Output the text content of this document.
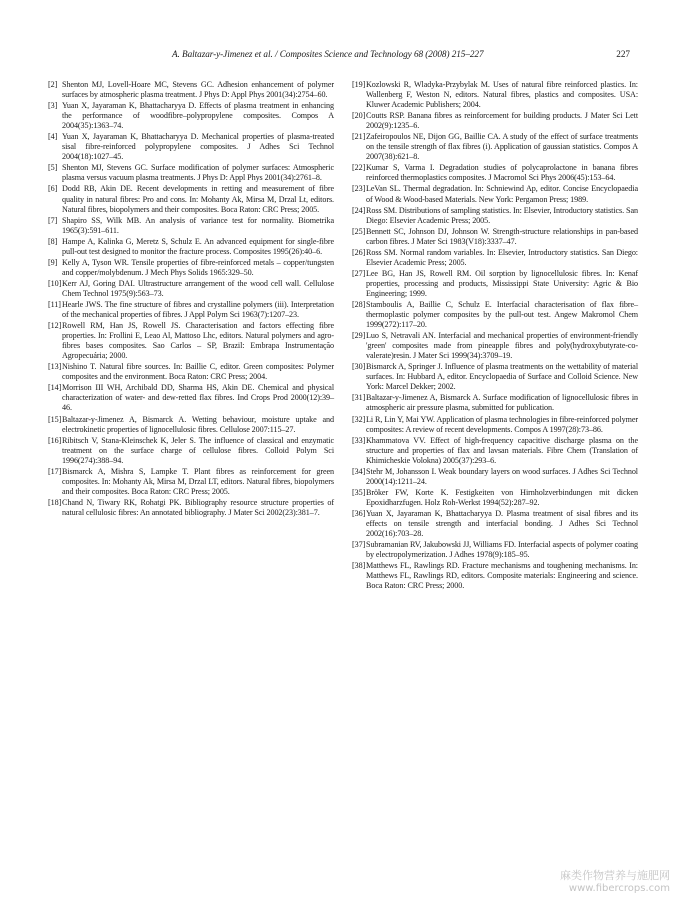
A. Baltazar-y-Jimenez et al. / Composites Science and Technology 68 (2008) 215–227	227
[2] Shenton MJ, Lovell-Hoare MC, Stevens GC. Adhesion enhancement of polymer surfaces by atmospheric plasma treatment. J Phys D: Appl Phys 2001(34):2754–60.
[3] Yuan X, Jayaraman K, Bhattacharyya D. Effects of plasma treatment in enhancing the performance of woodfibre–polypropylene composites. Compos A 2004(35):1363–74.
[4] Yuan X, Jayaraman K, Bhattacharyya D. Mechanical properties of plasma-treated sisal fibre-reinforced polypropylene composites. J Adhes Sci Technol 2004(18):1027–45.
[5] Shenton MJ, Stevens GC. Surface modification of polymer surfaces: Atmospheric plasma versus vacuum plasma treatments. J Phys D: Appl Phys 2001(34):2761–8.
[6] Dodd RB, Akin DE. Recent developments in retting and measurement of fibre quality in natural fibres: Pro and cons. In: Mohanty Ak, Mirsa M, Drzal Lt, editors. Natural fibres, biopolymers and their composites. Boca Raton: CRC Press; 2005.
[7] Shapiro SS, Wilk MB. An analysis of variance test for normality. Biometrika 1965(3):591–611.
[8] Hampe A, Kalinka G, Meretz S, Schulz E. An advanced equipment for single-fibre pull-out test designed to monitor the fracture process. Composites 1995(26):40–6.
[9] Kelly A, Tyson WR. Tensile properties of fibre-reinforced metals – copper/tungsten and copper/molybdenum. J Mech Phys Solids 1965:329–50.
[10] Kerr AJ, Goring DAI. Ultrastructure arrangement of the wood cell wall. Cellulose Chem Technol 1975(9):563–73.
[11] Hearle JWS. The fine structure of fibres and crystalline polymers (iii). Interpretation of the mechanical properties of fibres. J Appl Polym Sci 1963(7):1207–23.
[12] Rowell RM, Han JS, Rowell JS. Characterisation and factors effecting fibre properties. In: Frollini E, Leao Al, Mattoso Lhc, editors. Natural polymers and agro-fibres bases composites. Sao Carlos – SP, Brazil: Embrapa Instrumentação Agropecuária; 2000.
[13] Nishino T. Natural fibre sources. In: Baillie C, editor. Green composites: Polymer composites and the environment. Boca Raton: CRC Press; 2004.
[14] Morrison III WH, Archibald DD, Sharma HS, Akin DE. Chemical and physical characterization of water- and dew-retted flax fibres. Ind Crops Prod 2000(12):39–46.
[15] Baltazar-y-Jimenez A, Bismarck A. Wetting behaviour, moisture uptake and electrokinetic properties of lignocellulosic fibres. Cellulose 2007:115–27.
[16] Ribitsch V, Stana-Kleinschek K, Jeler S. The influence of classical and enzymatic treatment on the surface charge of cellulose fibres. Colloid Polym Sci 1996(274):388–94.
[17] Bismarck A, Mishra S, Lampke T. Plant fibres as reinforcement for green composites. In: Mohanty Ak, Mirsa M, Drzal LT, editors. Natural fibres, biopolymers and their composites. Boca Raton: CRC Press; 2005.
[18] Chand N, Tiwary RK, Rohatgi PK. Bibliography resource structure properties of natural cellulosic fibres: An annotated bibliography. J Mater Sci 2002(23):381–7.
[19] Kozlowski R, Wladyka-Przybylak M. Uses of natural fibre reinforced plastics. In: Wallenberg F, Weston N, editors. Natural fibres, plastics and composites. USA: Kluwer Academic Publishers; 2004.
[20] Coutts RSP. Banana fibres as reinforcement for building products. J Mater Sci Lett 2002(9):1235–6.
[21] Zafeiropoulos NE, Dijon GG, Baillie CA. A study of the effect of surface treatments on the tensile strength of flax fibres (i). Application of gaussian statistics. Compos A 2007(38):621–8.
[22] Kumar S, Varma I. Degradation studies of polycaprolactone in banana fibres reinforced thermoplastics composites. J Macromol Sci Phys 2006(45):153–64.
[23] LeVan SL. Thermal degradation. In: Schniewind Ap, editor. Concise Encyclopaedia of Wood & Wood-based Materials. New York: Pergamon Press; 1989.
[24] Ross SM. Distributions of sampling statistics. In: Elsevier, Introductory statistics. San Diego: Elsevier Academic Press; 2005.
[25] Bennett SC, Johnson DJ, Johnson W. Strength-structure relationships in pan-based carbon fibres. J Mater Sci 1983(V18):3337–47.
[26] Ross SM. Normal random variables. In: Elsevier, Introductory statistics. San Diego: Elsevier Academic Press; 2005.
[27] Lee BG, Han JS, Rowell RM. Oil sorption by lignocellulosic fibres. In: Kenaf properties, processing and products, Mississippi State University: Agric & Bio Engineering; 1999.
[28] Stamboulis A, Baillie C, Schulz E. Interfacial characterisation of flax fibre–thermoplastic polymer composites by the pull-out test. Angew Makromol Chem 1999(272):117–20.
[29] Luo S, Netravali AN. Interfacial and mechanical properties of environment-friendly 'green' composites made from pineapple fibres and poly(hydroxybutyrate-co-valerate)resin. J Mater Sci 1999(34):3709–19.
[30] Bismarck A, Springer J. Influence of plasma treatments on the wettability of material surfaces. In: Hubbard A, editor. Encyclopaedia of Surface and Colloid Science. New York: Marcel Dekker; 2002.
[31] Baltazar-y-Jimenez A, Bismarck A. Surface modification of lignocellulosic fibres in atmospheric air pressure plasma, submitted for publication.
[32] Li R, Lin Y, Mai YW. Application of plasma technologies in fibre-reinforced polymer composites: A review of recent developments. Compos A 1997(28):73–86.
[33] Khammatova VV. Effect of high-frequency capacitive discharge plasma on the structure and properties of flax and lavsan materials. Fibre Chem (Translation of Khimicheskie Volokna) 2005(37):293–6.
[34] Stehr M, Johansson I. Weak boundary layers on wood surfaces. J Adhes Sci Technol 2000(14):1211–24.
[35] Bröker FW, Korte K. Festigkeiten von Hirnholzverbindungen mit dicken Epoxidharzfugen. Holz Roh-Werkst 1994(52):287–92.
[36] Yuan X, Jayaraman K, Bhattacharyya D. Plasma treatment of sisal fibres and its effects on tensile strength and interfacial bonding. J Adhes Sci Technol 2002(16):703–28.
[37] Subramanian RV, Jakubowski JJ, Williams FD. Interfacial aspects of polymer coating by electropolymerization. J Adhes 1978(9):185–95.
[38] Matthews FL, Rawlings RD. Fracture mechanisms and toughening mechanisms. In: Matthews FL, Rawlings RD, editors. Composite materials: Engineering and science. Boca Raton: CRC Press; 2000.
麻类作物营养与施肥网
www.fibercrops.com
